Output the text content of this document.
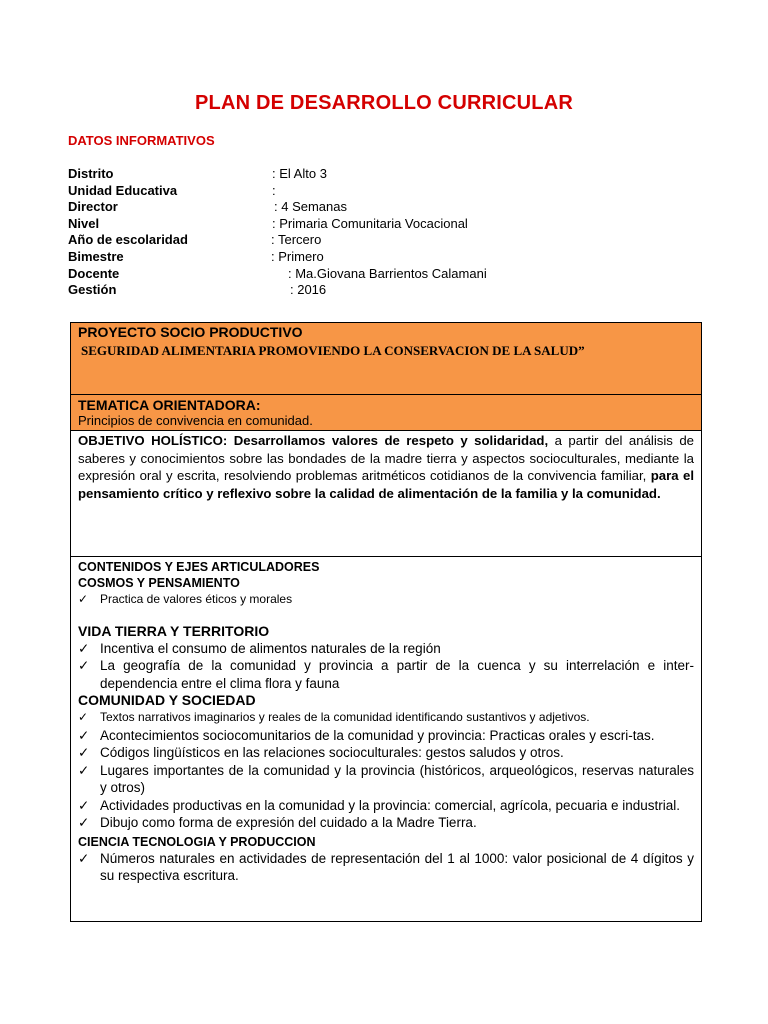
PLAN DE DESARROLLO CURRICULAR
DATOS INFORMATIVOS
Distrito	: El Alto 3
Unidad Educativa	:
Director	: 4 Semanas
Nivel	: Primaria Comunitaria Vocacional
Año de escolaridad	: Tercero
Bimestre	: Primero
Docente	: Ma.Giovana Barrientos Calamani
Gestión	: 2016
PROYECTO SOCIO PRODUCTIVO
SEGURIDAD ALIMENTARIA PROMOVIENDO LA CONSERVACION DE LA SALUD”
TEMATICA ORIENTADORA:
Principios de convivencia en comunidad.
OBJETIVO HOLÍSTICO: Desarrollamos valores de respeto y solidaridad, a partir del análisis de saberes y conocimientos sobre las bondades de la madre tierra y aspectos socioculturales, mediante la expresión oral y escrita, resolviendo problemas aritméticos cotidianos de la convivencia familiar, para el pensamiento crítico y reflexivo sobre la calidad de alimentación de la familia y la comunidad.
CONTENIDOS Y EJES ARTICULADORES
COSMOS Y PENSAMIENTO
✓ Practica de valores éticos y morales
VIDA TIERRA Y TERRITORIO
✓ Incentiva el consumo de alimentos naturales de la región
✓ La geografía de la comunidad y provincia a partir de la cuenca y su interrelación e inter-dependencia entre el clima flora y fauna
COMUNIDAD Y SOCIEDAD
✓ Textos narrativos imaginarios y reales de la comunidad identificando sustantivos y adjetivos.
✓ Acontecimientos sociocomunitarios de la comunidad y provincia: Practicas orales y escri-tas.
✓ Códigos lingüísticos en las relaciones socioculturales: gestos saludos y otros.
✓ Lugares importantes de la comunidad y la provincia (históricos, arqueológicos, reservas naturales y otros)
✓ Actividades productivas en la comunidad y la provincia: comercial, agrícola, pecuaria e industrial.
✓ Dibujo como forma de expresión del cuidado a la Madre Tierra.
CIENCIA TECNOLOGIA Y PRODUCCION
✓ Números naturales en actividades de representación del 1 al 1000: valor posicional de 4 dígitos y su respectiva escritura.
